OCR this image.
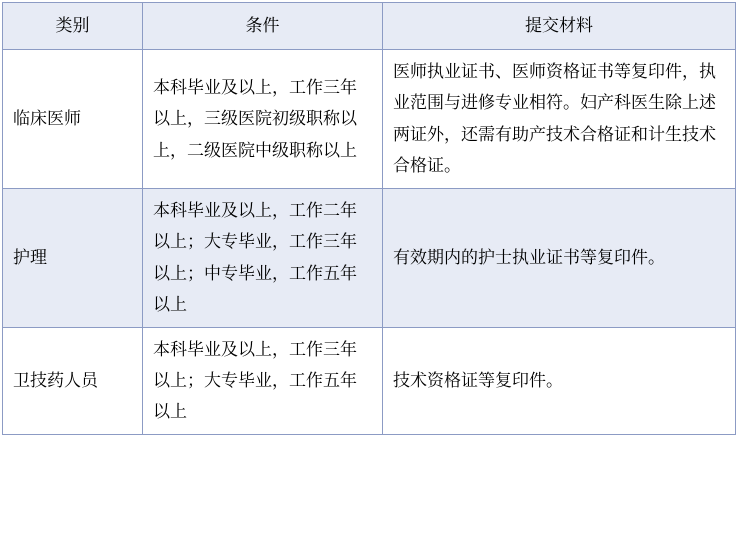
类别	条件	提交材料
临床医师	本科毕业及以上，工作三年以上，三级医院初级职称以上，二级医院中级职称以上	医师执业证书、医师资格证书等复印件，执业范围与进修专业相符。妇产科医生除上述两证外，还需有助产技术合格证和计生技术合格证。
护理	本科毕业及以上，工作二年以上；大专毕业，工作三年以上；中专毕业，工作五年以上	有效期内的护士执业证书等复印件。
卫技药人员	本科毕业及以上，工作三年以上；大专毕业，工作五年以上	技术资格证等复印件。
